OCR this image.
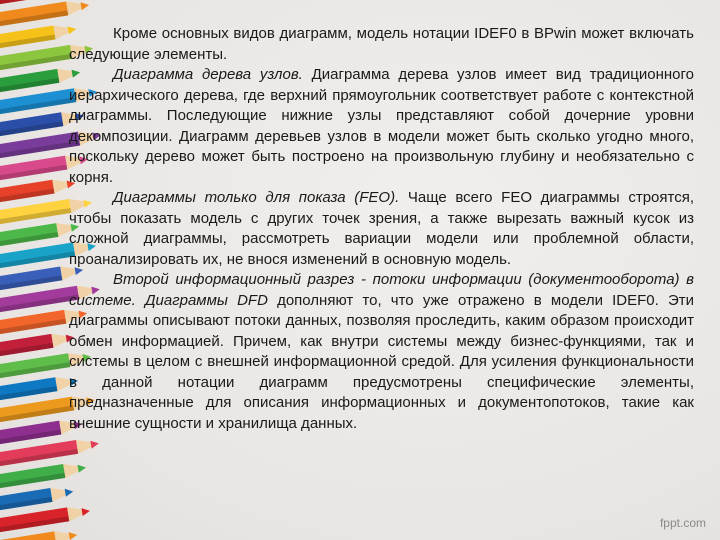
Кроме основных видов диаграмм, модель нотации IDEF0 в BPwin может включать следующие элементы.

Диаграмма дерева узлов. Диаграмма дерева узлов имеет вид традиционного иерархического дерева, где верхний прямоугольник соответствует работе с контекстной диаграммы. Последующие нижние узлы представляют собой дочерние уровни декомпозиции. Диаграмм деревьев узлов в модели может быть сколько угодно много, поскольку дерево может быть построено на произвольную глубину и необязательно с корня.

Диаграммы только для показа (FEO). Чаще всего FEO диаграммы строятся, чтобы показать модель с других точек зрения, а также вырезать важный кусок из сложной диаграммы, рассмотреть вариации модели или проблемной области, проанализировать их, не внося изменений в основную модель.

Второй информационный разрез - потоки информации (документооборота) в системе. Диаграммы DFD дополняют то, что уже отражено в модели IDEF0. Эти диаграммы описывают потоки данных, позволяя проследить, каким образом происходит обмен информацией. Причем, как внутри системы между бизнес-функциями, так и системы в целом с внешней информационной средой. Для усиления функциональности в данной нотации диаграмм предусмотрены специфические элементы, предназначенные для описания информационных и документопотоков, такие как внешние сущности и хранилища данных.

fppt.com
